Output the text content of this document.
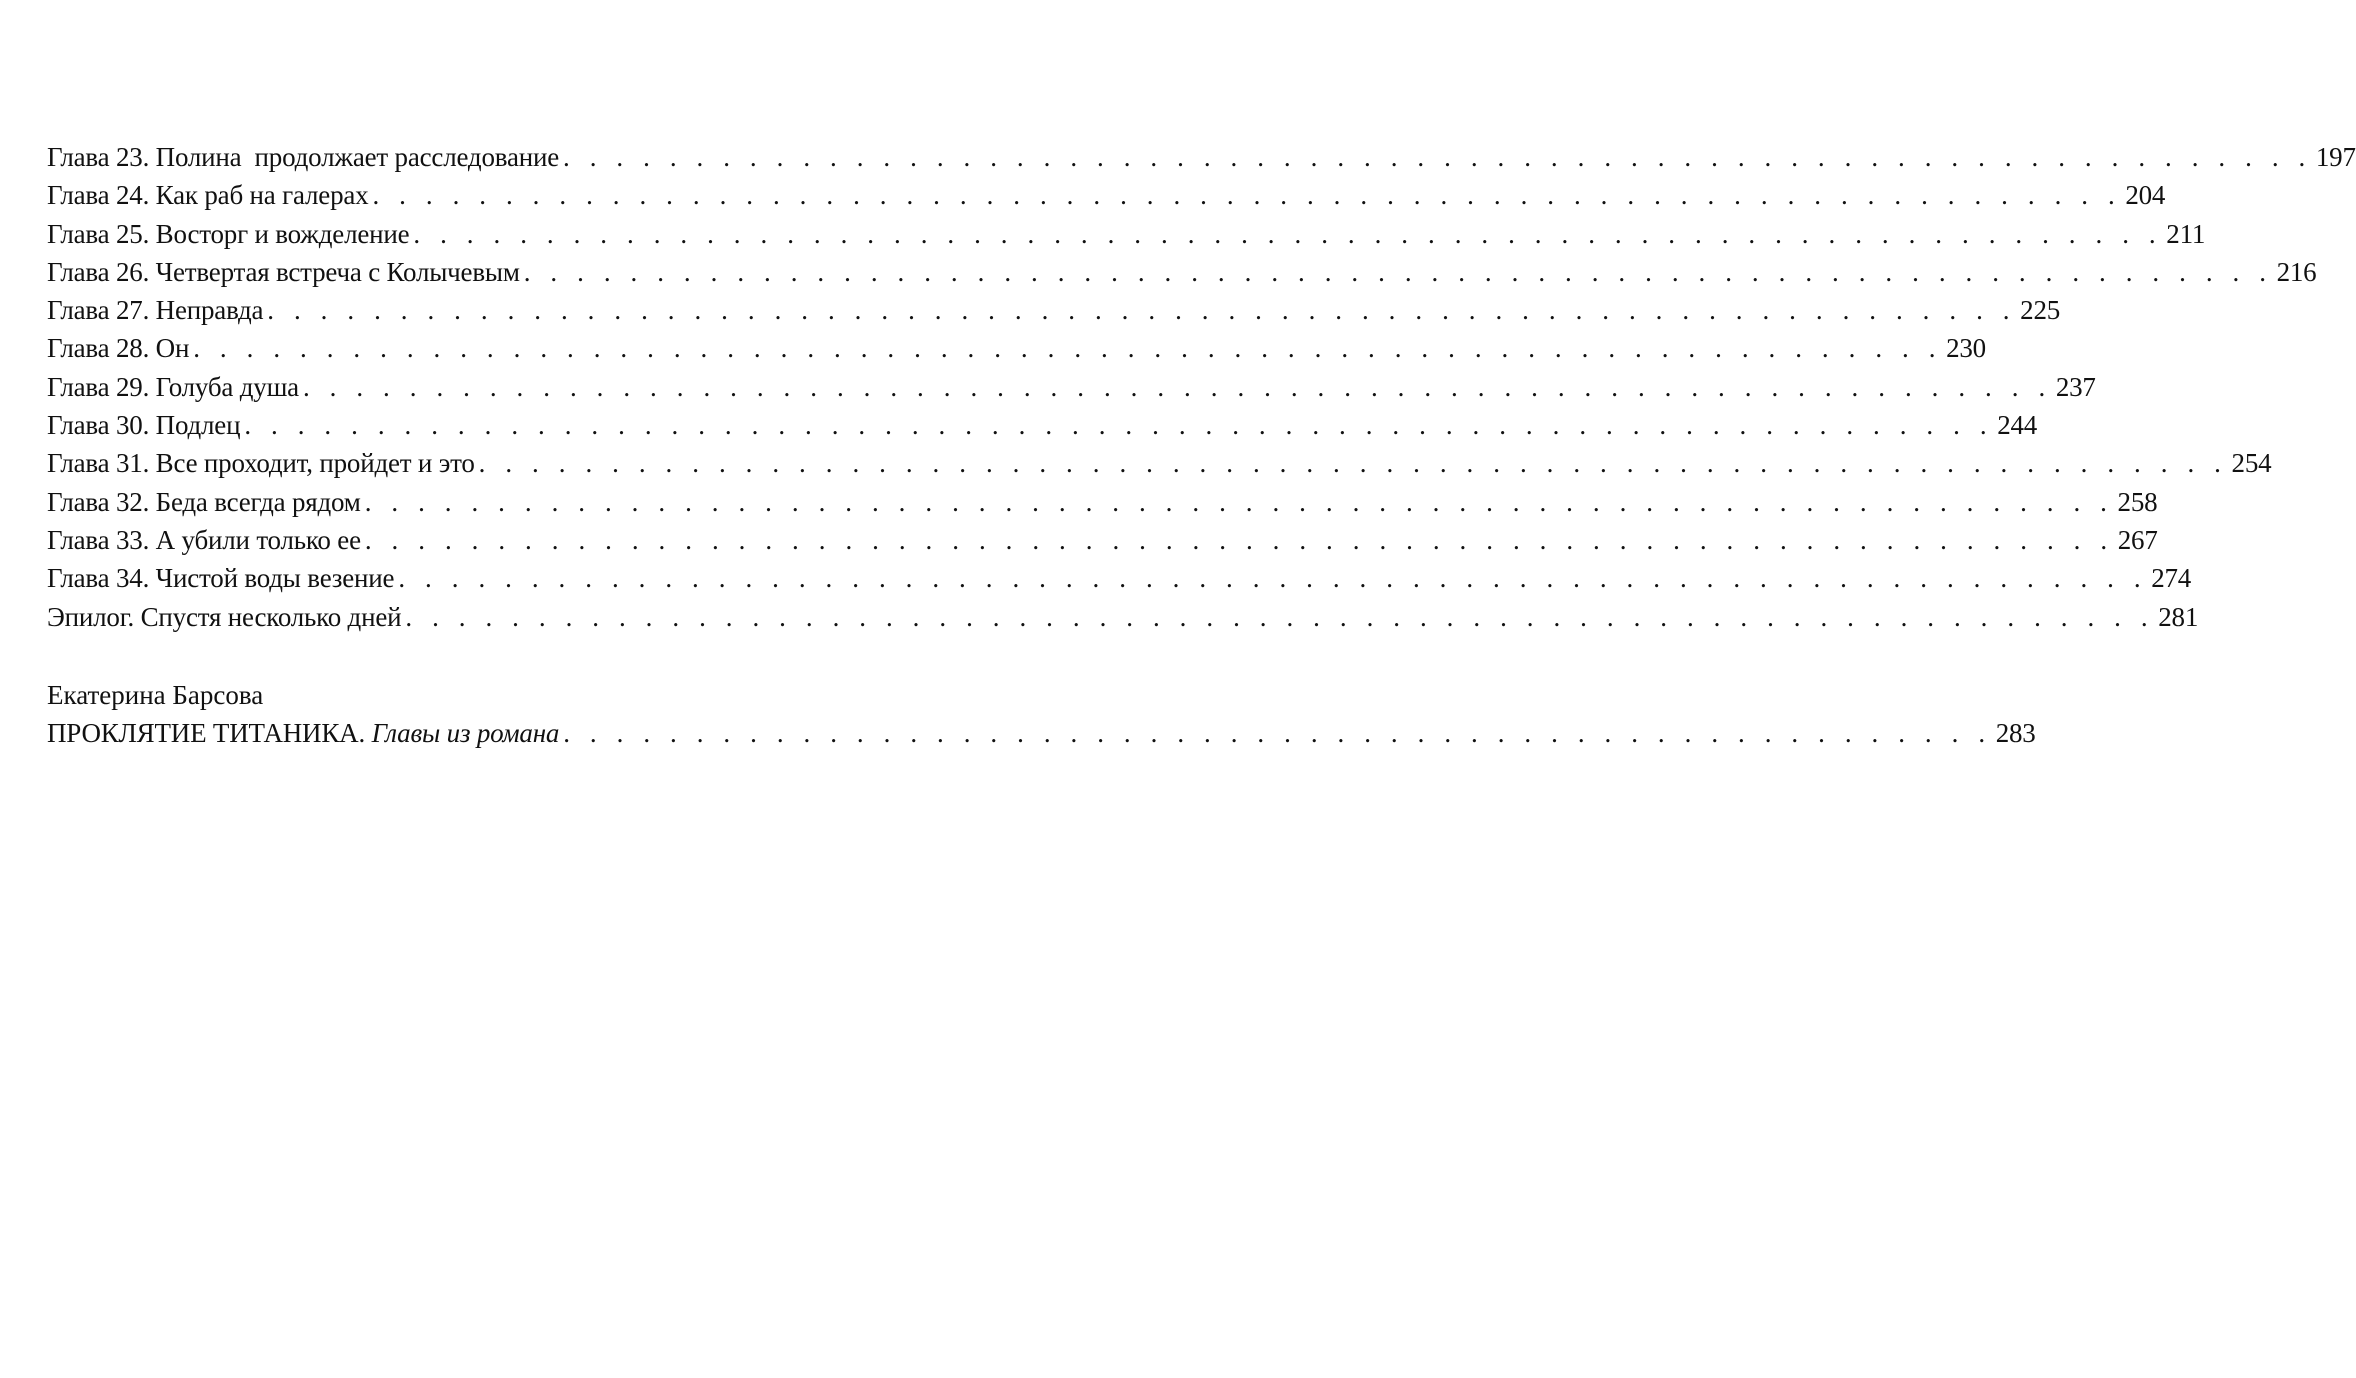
Глава 23. Полина  продолжает расследование . . . . . . . . . . . . . . . . . . . . . . . . . . . . . . . . . . . . . . . . . . . . . . . . . . . . . . . . . . . . . . . . . . 197
Глава 24. Как раб на галерах . . . . . . . . . . . . . . . . . . . . . . . . . . . . . . . . . . . . . . . . . . . . . . . . . . . . . . . . . . . . . . . . . . 204
Глава 25. Восторг и вожделение . . . . . . . . . . . . . . . . . . . . . . . . . . . . . . . . . . . . . . . . . . . . . . . . . . . . . . . . . . . . . . . . . . 211
Глава 26. Четвертая встреча с Колычевым . . . . . . . . . . . . . . . . . . . . . . . . . . . . . . . . . . . . . . . . . . . . . . . . . . . . . . . . . . . . . . . . . . 216
Глава 27. Неправда . . . . . . . . . . . . . . . . . . . . . . . . . . . . . . . . . . . . . . . . . . . . . . . . . . . . . . . . . . . . . . . . . . 225
Глава 28. Он . . . . . . . . . . . . . . . . . . . . . . . . . . . . . . . . . . . . . . . . . . . . . . . . . . . . . . . . . . . . . . . . . . 230
Глава 29. Голуба душа . . . . . . . . . . . . . . . . . . . . . . . . . . . . . . . . . . . . . . . . . . . . . . . . . . . . . . . . . . . . . . . . . . 237
Глава 30. Подлец . . . . . . . . . . . . . . . . . . . . . . . . . . . . . . . . . . . . . . . . . . . . . . . . . . . . . . . . . . . . . . . . . . 244
Глава 31. Все проходит, пройдет и это . . . . . . . . . . . . . . . . . . . . . . . . . . . . . . . . . . . . . . . . . . . . . . . . . . . . . . . . . . . . . . . . . . 254
Глава 32. Беда всегда рядом . . . . . . . . . . . . . . . . . . . . . . . . . . . . . . . . . . . . . . . . . . . . . . . . . . . . . . . . . . . . . . . . . . 258
Глава 33. А убили только ее . . . . . . . . . . . . . . . . . . . . . . . . . . . . . . . . . . . . . . . . . . . . . . . . . . . . . . . . . . . . . . . . . . 267
Глава 34. Чистой воды везение . . . . . . . . . . . . . . . . . . . . . . . . . . . . . . . . . . . . . . . . . . . . . . . . . . . . . . . . . . . . . . . . . . 274
Эпилог. Спустя несколько дней . . . . . . . . . . . . . . . . . . . . . . . . . . . . . . . . . . . . . . . . . . . . . . . . . . . . . . . . . . . . . . . . . . 281
Екатерина Барсова
ПРОКЛЯТИЕ ТИТАНИКА. Главы из романа . . . . . . . . . . . . . . . . . . . . . . . . . . . . . . . . . . . . . . . . . . . . . . . . . . . . . . 283
